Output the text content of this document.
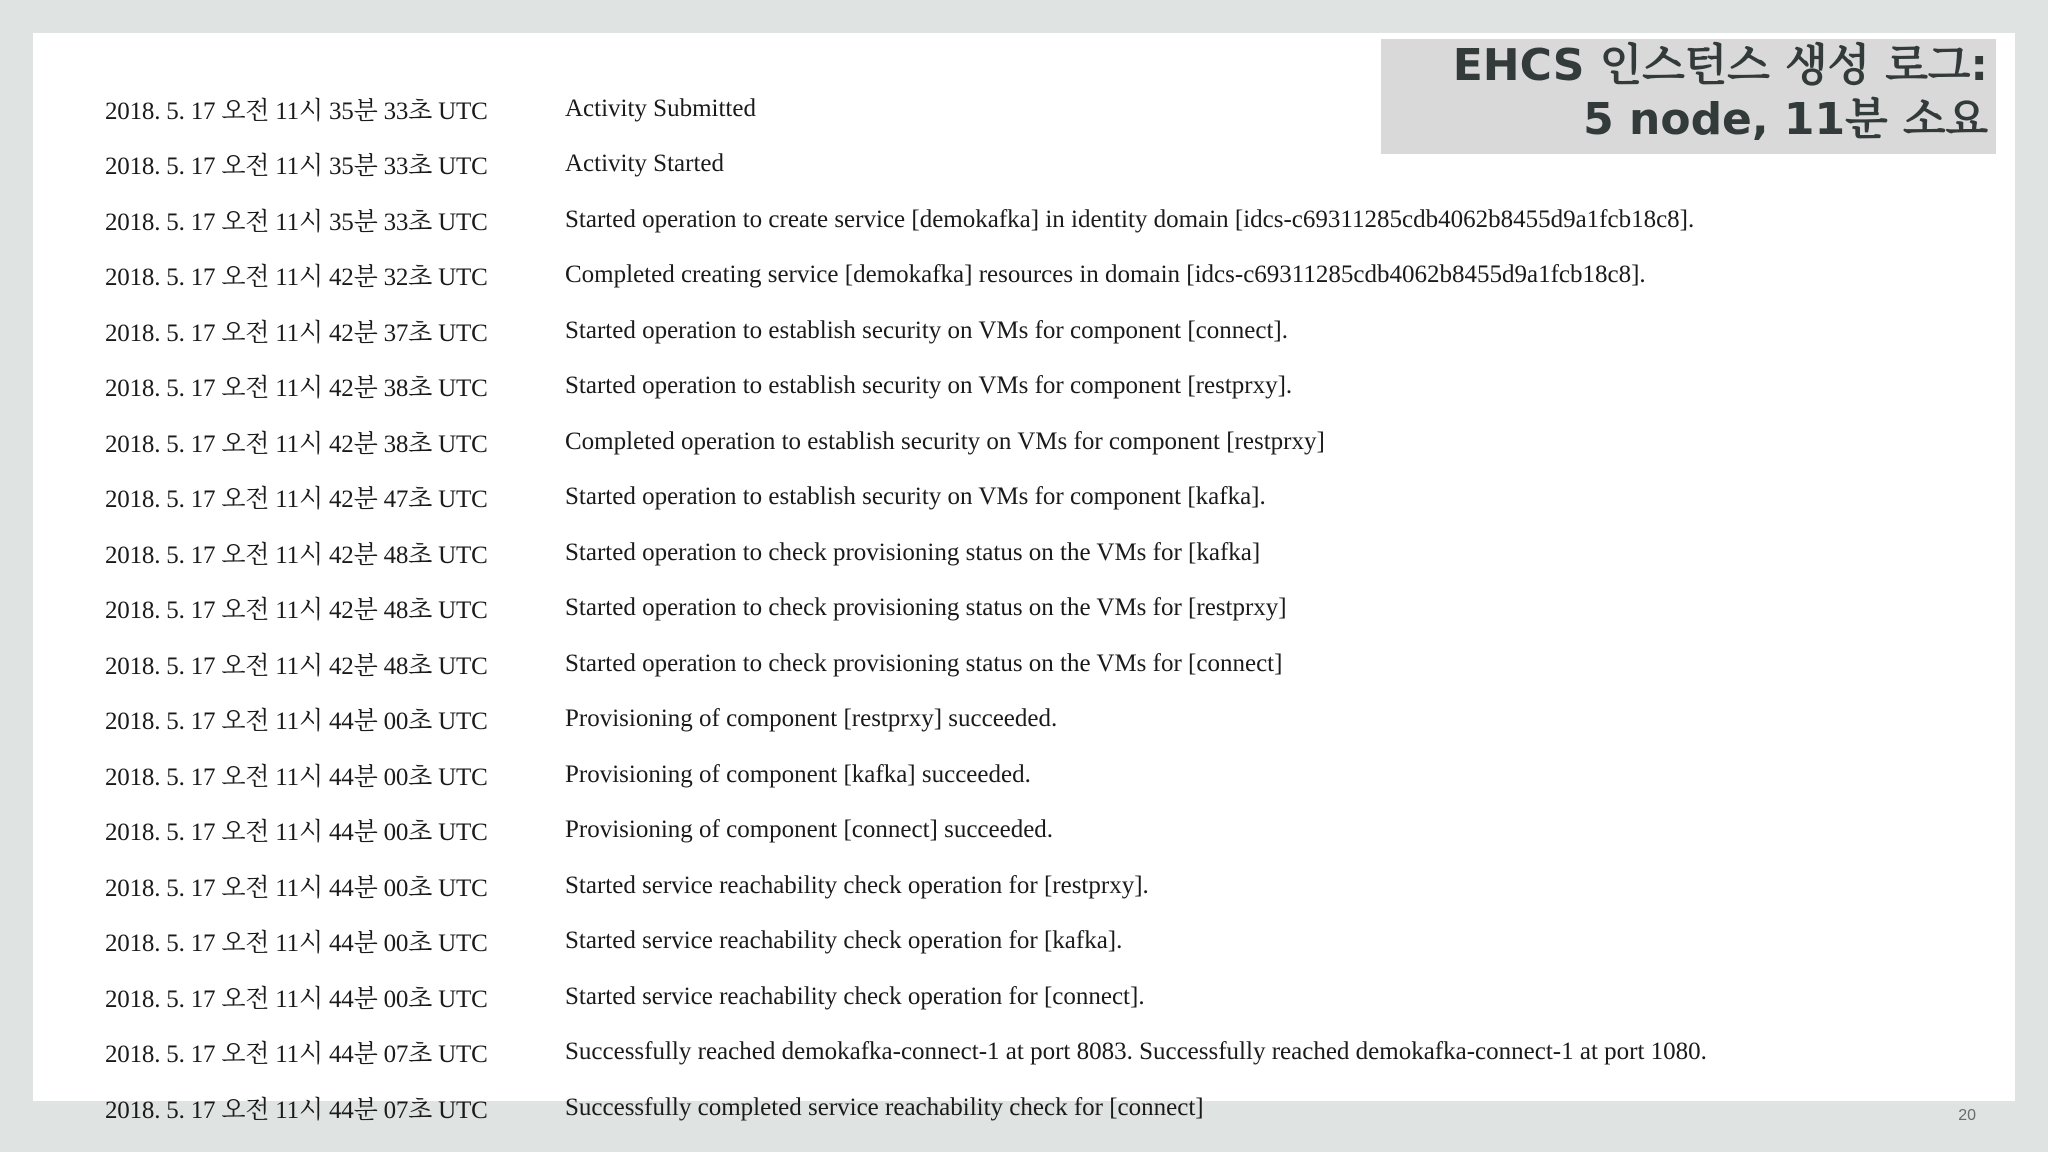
2018. 5. 17 오전 11시 35분 33초 UTC	Activity Submitted
2018. 5. 17 오전 11시 35분 33초 UTC	Activity Started
2018. 5. 17 오전 11시 35분 33초 UTC	Started operation to create service [demokafka] in identity domain [idcs-c69311285cdb4062b8455d9a1fcb18c8].
2018. 5. 17 오전 11시 42분 32초 UTC	Completed creating service [demokafka] resources in domain [idcs-c69311285cdb4062b8455d9a1fcb18c8].
2018. 5. 17 오전 11시 42분 37초 UTC	Started operation to establish security on VMs for component [connect].
2018. 5. 17 오전 11시 42분 38초 UTC	Started operation to establish security on VMs for component [restprxy].
2018. 5. 17 오전 11시 42분 38초 UTC	Completed operation to establish security on VMs for component [restprxy]
2018. 5. 17 오전 11시 42분 47초 UTC	Started operation to establish security on VMs for component [kafka].
2018. 5. 17 오전 11시 42분 48초 UTC	Started operation to check provisioning status on the VMs for [kafka]
2018. 5. 17 오전 11시 42분 48초 UTC	Started operation to check provisioning status on the VMs for [restprxy]
2018. 5. 17 오전 11시 42분 48초 UTC	Started operation to check provisioning status on the VMs for [connect]
2018. 5. 17 오전 11시 44분 00초 UTC	Provisioning of component [restprxy] succeeded.
2018. 5. 17 오전 11시 44분 00초 UTC	Provisioning of component [kafka] succeeded.
2018. 5. 17 오전 11시 44분 00초 UTC	Provisioning of component [connect] succeeded.
2018. 5. 17 오전 11시 44분 00초 UTC	Started service reachability check operation for [restprxy].
2018. 5. 17 오전 11시 44분 00초 UTC	Started service reachability check operation for [kafka].
2018. 5. 17 오전 11시 44분 00초 UTC	Started service reachability check operation for [connect].
2018. 5. 17 오전 11시 44분 07초 UTC	Successfully reached demokafka-connect-1 at port 8083. Successfully reached demokafka-connect-1 at port 1080.
2018. 5. 17 오전 11시 44분 07초 UTC	Successfully completed service reachability check for [connect]
EHCS 인스턴스 생성 로그:
5 node, 11분 소요
20
